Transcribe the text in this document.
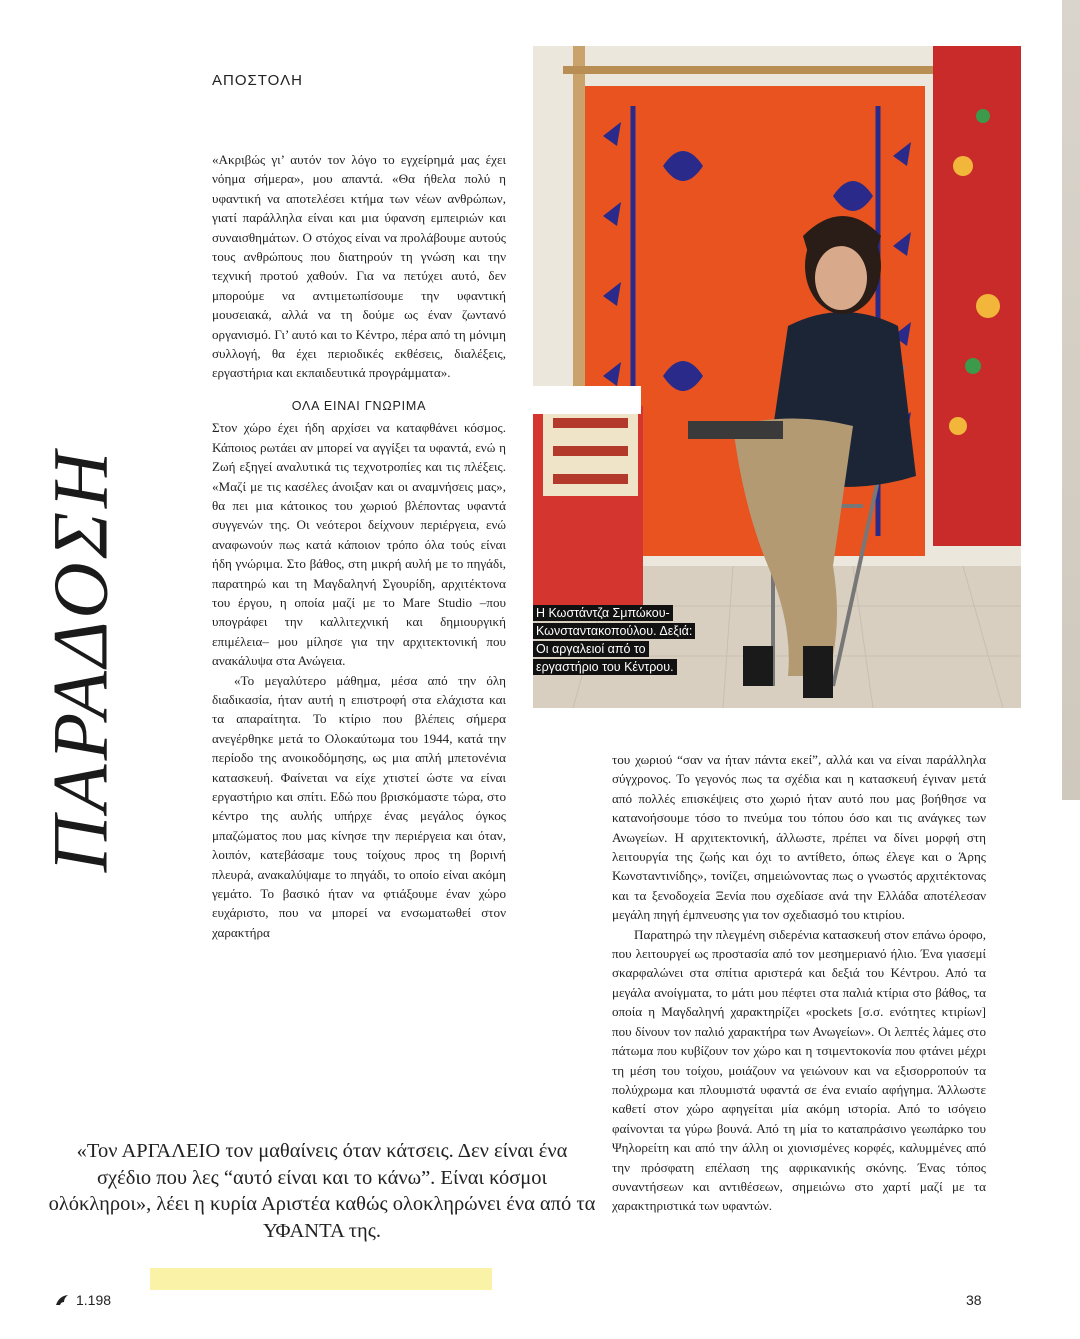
ΑΠΟΣΤΟΛΗ
ΠΑΡΑΔΟΣΗ

«Ακριβώς γι’ αυτόν τον λόγο το εγχείρημά μας έχει νόημα σήμερα», μου απαντά. «Θα ήθελα πολύ η υφαντική να αποτελέσει κτήμα των νέων ανθρώπων, γιατί παράλληλα είναι και μια ύφανση εμπειριών και συναισθημάτων. Ο στόχος είναι να προλάβουμε αυτούς τους ανθρώπους που διατηρούν τη γνώση και την τεχνική προτού χαθούν. Για να πετύχει αυτό, δεν μπορούμε να αντιμετωπίσουμε την υφαντική μουσειακά, αλλά να τη δούμε ως έναν ζωντανό οργανισμό. Γι’ αυτό και το Κέντρο, πέρα από τη μόνιμη συλλογή, θα έχει περιοδικές εκθέσεις, διαλέξεις, εργαστήρια και εκπαιδευτικά προγράμματα».

ΟΛΑ ΕΙΝΑΙ ΓΝΩΡΙΜΑ

Στον χώρο έχει ήδη αρχίσει να καταφθάνει κόσμος. Κάποιος ρωτάει αν μπορεί να αγγίξει τα υφαντά, ενώ η Ζωή εξηγεί αναλυτικά τις τεχνοτροπίες και τις πλέξεις. «Μαζί με τις κασέλες άνοιξαν και οι αναμνήσεις μας», θα πει μια κάτοικος του χωριού βλέποντας υφαντά συγγενών της. Οι νεότεροι δείχνουν περιέργεια, ενώ αναφωνούν πως κατά κάποιον τρόπο όλα τούς είναι ήδη γνώριμα. Στο βάθος, στη μικρή αυλή με το πηγάδι, παρατηρώ και τη Μαγδαληνή Σγουρίδη, αρχιτέκτονα του έργου, η οποία μαζί με το Mare Studio –που υπογράφει την καλλιτεχνική και δημιουργική επιμέλεια– μου μίλησε για την αρχιτεκτονική που ανακάλυψα στα Ανώγεια.

«Το μεγαλύτερο μάθημα, μέσα από την όλη διαδικασία, ήταν αυτή η επιστροφή στα ελάχιστα και τα απαραίτητα. Το κτίριο που βλέπεις σήμερα ανεγέρθηκε μετά το Ολοκαύτωμα του 1944, κατά την περίοδο της ανοικοδόμησης, ως μια απλή μπετονένια κατασκευή. Φαίνεται να είχε χτιστεί ώστε να είναι εργαστήριο και σπίτι. Εδώ που βρισκόμαστε τώρα, στο κέντρο της αυλής υπήρχε ένας μεγάλος όγκος μπαζώματος που μας κίνησε την περιέργεια και όταν, λοιπόν, κατεβάσαμε τους τοίχους προς τη βορινή πλευρά, ανακαλύψαμε το πηγάδι, το οποίο είναι ακόμη γεμάτο. Το βασικό ήταν να φτιάξουμε έναν χώρο ευχάριστο, που να μπορεί να ενσωματωθεί στον χαρακτήρα

Η Κωστάντζα Σμπώκου-Κωνσταντακοπούλου. Δεξιά: Οι αργαλειοί από το εργαστήριο του Κέντρου.

του χωριού “σαν να ήταν πάντα εκεί”, αλλά και να είναι παράλληλα σύγχρονος. Το γεγονός πως τα σχέδια και η κατασκευή έγιναν μετά από πολλές επισκέψεις στο χωριό ήταν αυτό που μας βοήθησε να κατανοήσουμε τόσο το πνεύμα του τόπου όσο και τις ανάγκες των Ανωγείων. Η αρχιτεκτονική, άλλωστε, πρέπει να δίνει μορφή στη λειτουργία της ζωής και όχι το αντίθετο, όπως έλεγε και ο Άρης Κωνσταντινίδης», τονίζει, σημειώνοντας πως ο γνωστός αρχιτέκτονας και τα ξενοδοχεία Ξενία που σχεδίασε ανά την Ελλάδα αποτέλεσαν μεγάλη πηγή έμπνευσης για τον σχεδιασμό του κτιρίου.

Παρατηρώ την πλεγμένη σιδερένια κατασκευή στον επάνω όροφο, που λειτουργεί ως προστασία από τον μεσημεριανό ήλιο. Ένα γιασεμί σκαρφαλώνει στα σπίτια αριστερά και δεξιά του Κέντρου. Από τα μεγάλα ανοίγματα, το μάτι μου πέφτει στα παλιά κτίρια στο βάθος, τα οποία η Μαγδαληνή χαρακτηρίζει «pockets [σ.σ. ενότητες κτιρίων] που δίνουν τον παλιό χαρακτήρα των Ανωγείων». Οι λεπτές λάμες στο πάτωμα που κυβίζουν τον χώρο και η τσιμεντοκονία που φτάνει μέχρι τη μέση του τοίχου, μοιάζουν να γειώνουν και να εξισορροπούν τα πολύχρωμα και πλουμιστά υφαντά σε ένα ενιαίο αφήγημα. Άλλωστε καθετί στον χώρο αφηγείται μία ακόμη ιστορία. Από το ισόγειο φαίνονται τα γύρω βουνά. Από τη μία το καταπράσινο γεωπάρκο του Ψηλορείτη και από την άλλη οι χιονισμένες κορφές, καλυμμένες από την πρόσφατη επέλαση της αφρικανικής σκόνης. Ένας τόπος συναντήσεων και αντιθέσεων, σημειώνω στο χαρτί μαζί με τα χαρακτηριστικά των υφαντών.

«Τον ΑΡΓΑΛΕΙΟ τον μαθαίνεις όταν κάτσεις. Δεν είναι ένα σχέδιο που λες “αυτό είναι και το κάνω”. Είναι κόσμοι ολόκληροι», λέει η κυρία Αριστέα καθώς ολοκληρώνει ένα από τα ΥΦΑΝΤΑ της.
1.198	38
